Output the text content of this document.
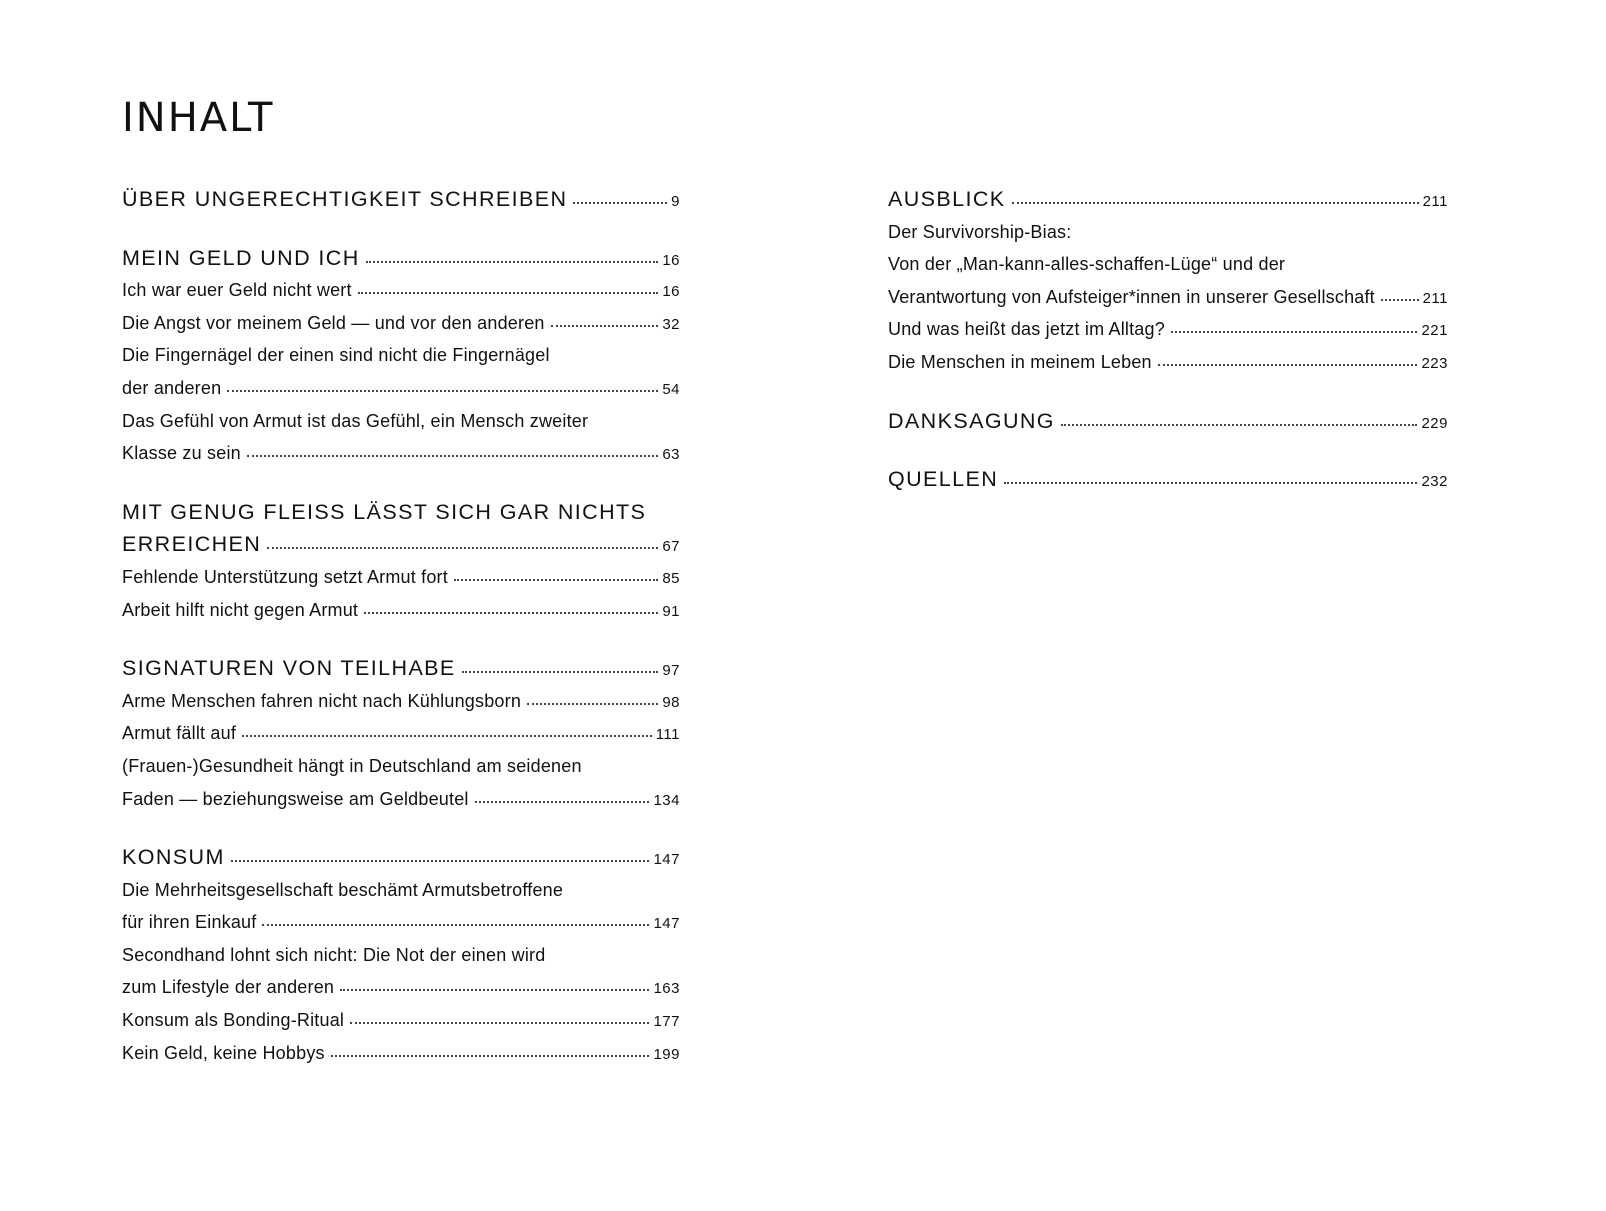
INHALT
ÜBER UNGERECHTIGKEIT SCHREIBEN	9
MEIN GELD UND ICH	16
Ich war euer Geld nicht wert	16
Die Angst vor meinem Geld — und vor den anderen	32
Die Fingernägel der einen sind nicht die Fingernägel
der anderen	54
Das Gefühl von Armut ist das Gefühl, ein Mensch zweiter
Klasse zu sein	63
MIT GENUG FLEISS LÄSST SICH GAR NICHTS
ERREICHEN	67
Fehlende Unterstützung setzt Armut fort	85
Arbeit hilft nicht gegen Armut	91
SIGNATUREN VON TEILHABE	97
Arme Menschen fahren nicht nach Kühlungsborn	98
Armut fällt auf	111
(Frauen-)Gesundheit hängt in Deutschland am seidenen
Faden — beziehungsweise am Geldbeutel	134
KONSUM	147
Die Mehrheitsgesellschaft beschämt Armutsbetroffene
für ihren Einkauf	147
Secondhand lohnt sich nicht: Die Not der einen wird
zum Lifestyle der anderen	163
Konsum als Bonding-Ritual	177
Kein Geld, keine Hobbys	199
AUSBLICK	211
Der Survivorship-Bias:
Von der „Man-kann-alles-schaffen-Lüge“ und der
Verantwortung von Aufsteiger*innen in unserer Gesellschaft	211
Und was heißt das jetzt im Alltag?	221
Die Menschen in meinem Leben	223
DANKSAGUNG	229
QUELLEN	232
